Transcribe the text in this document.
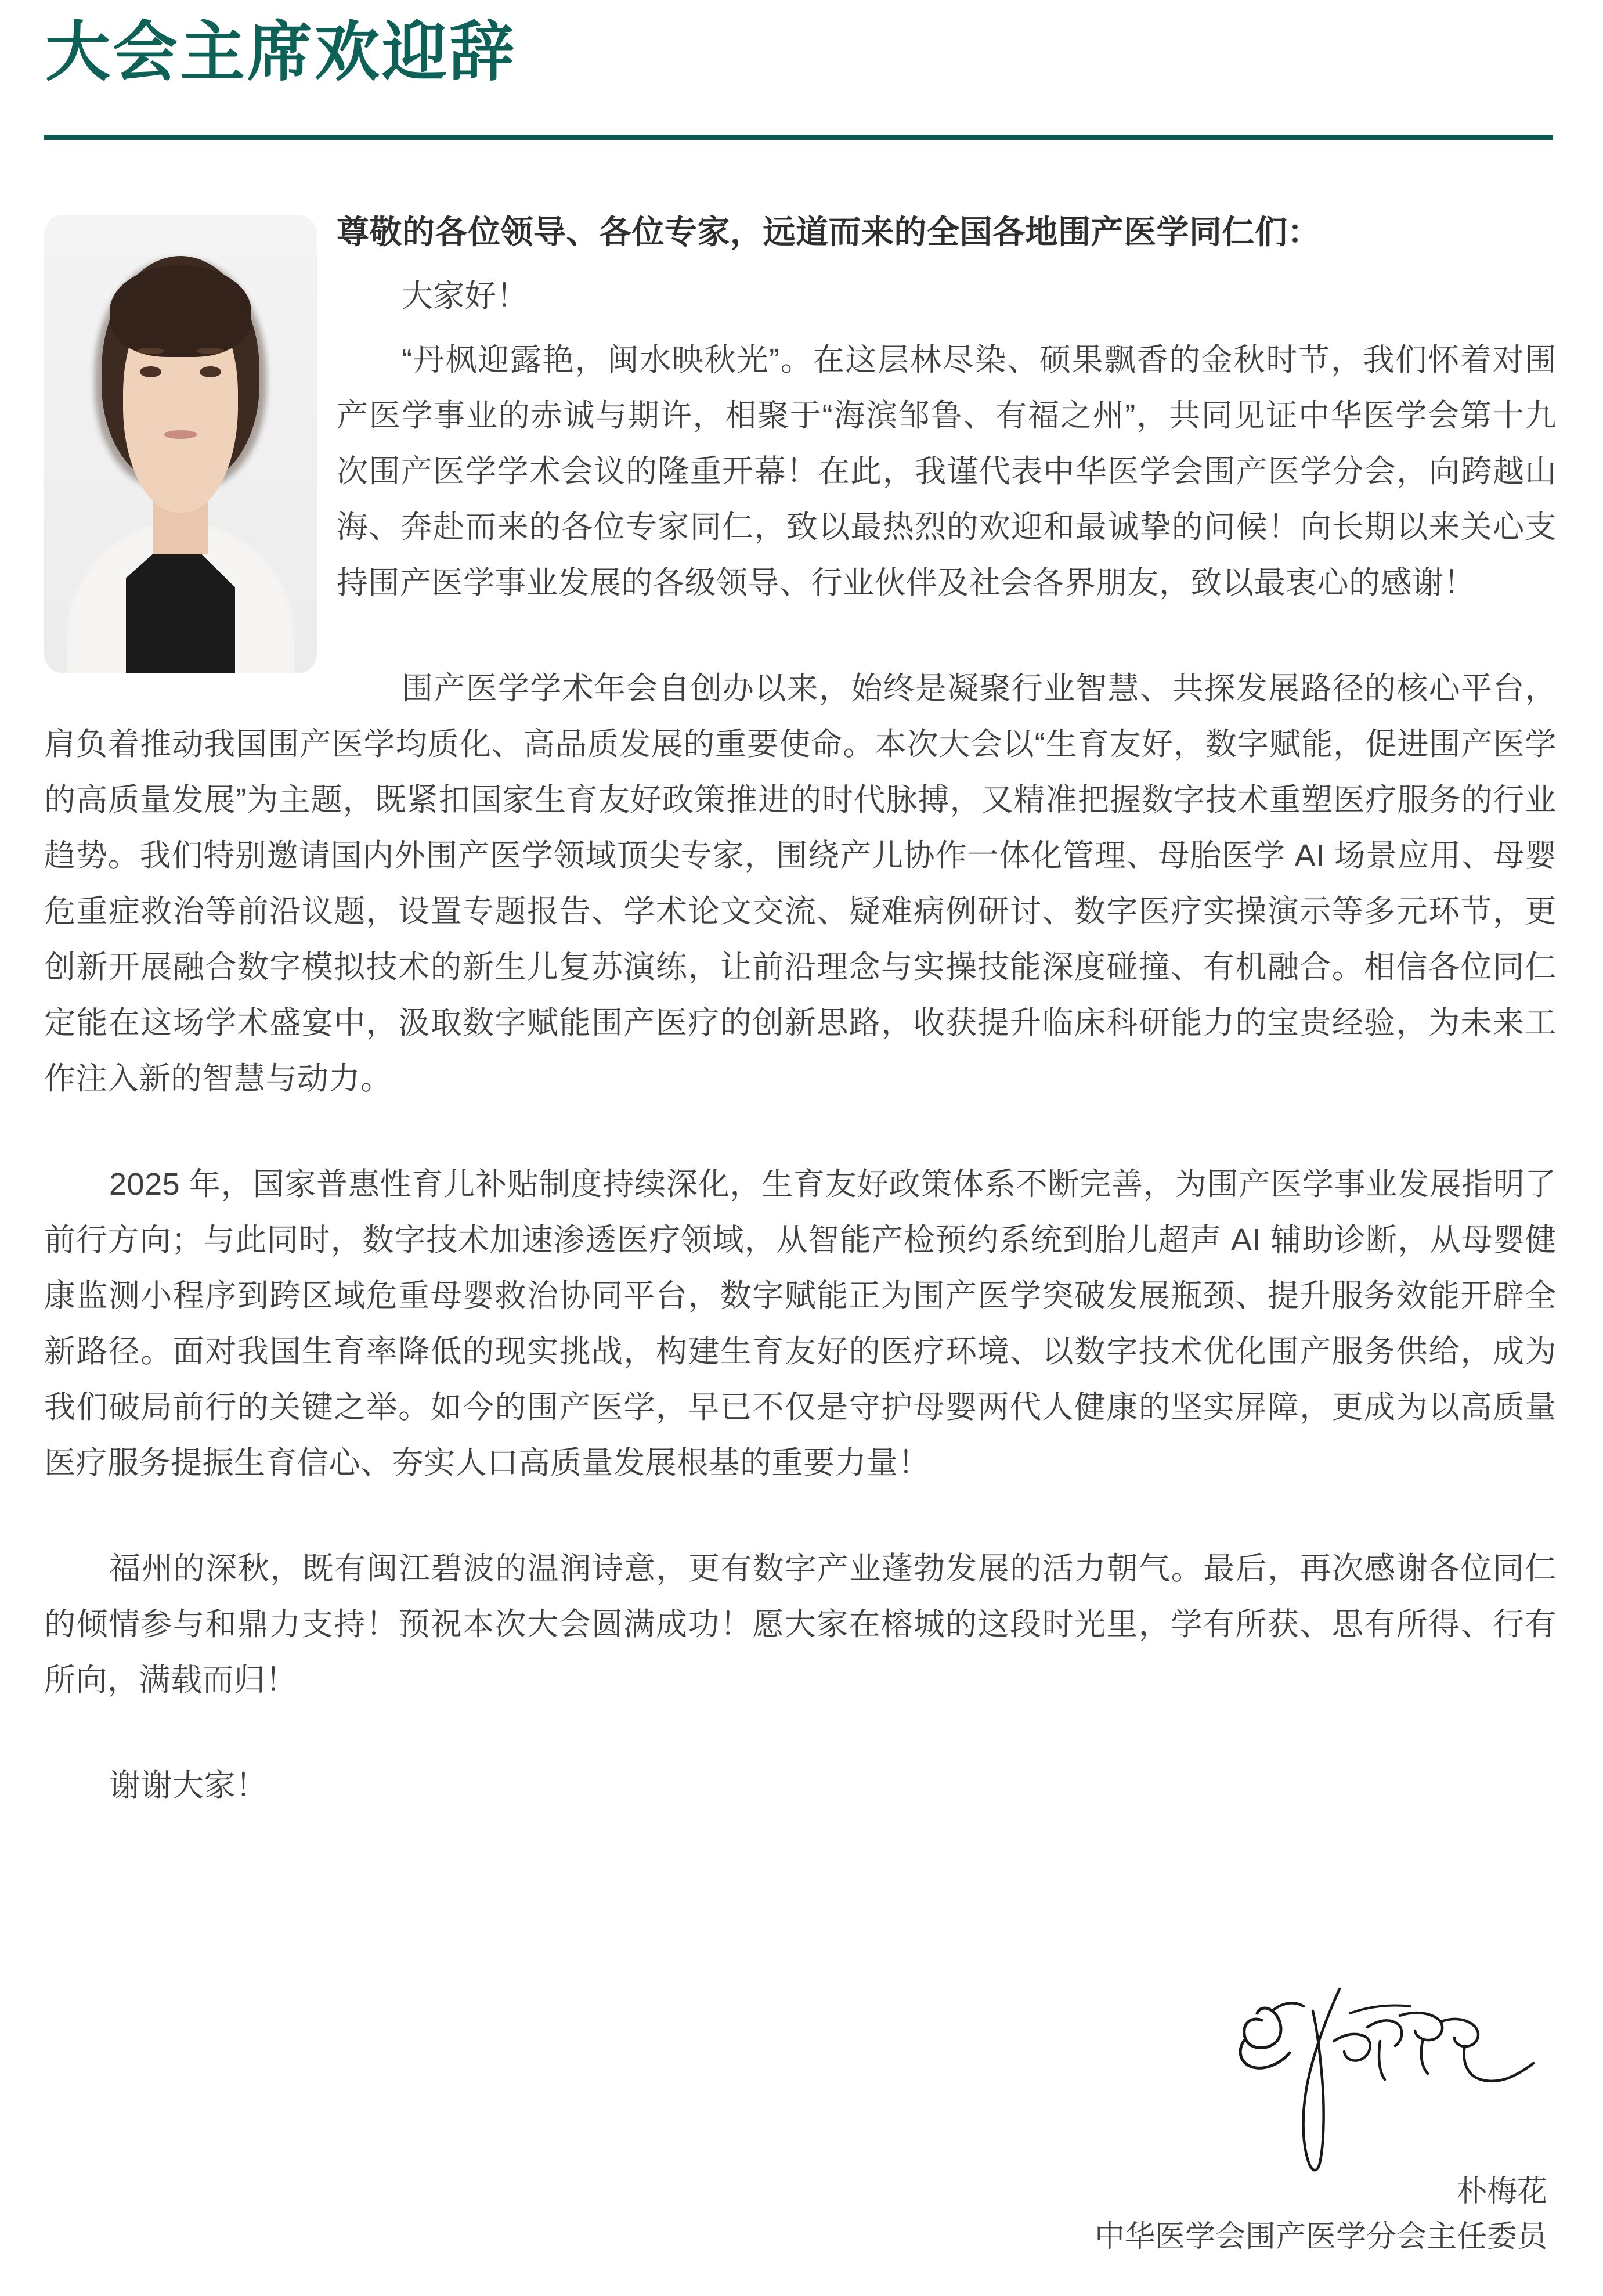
大会主席欢迎辞

尊敬的各位领导、各位专家，远道而来的全国各地围产医学同仁们：

大家好！

“丹枫迎露艳，闽水映秋光”。在这层林尽染、硕果飘香的金秋时节，我们怀着对围产医学事业的赤诚与期许，相聚于“海滨邹鲁、有福之州”，共同见证中华医学会第十九次围产医学学术会议的隆重开幕！在此，我谨代表中华医学会围产医学分会，向跨越山海、奔赴而来的各位专家同仁，致以最热烈的欢迎和最诚挚的问候！向长期以来关心支持围产医学事业发展的各级领导、行业伙伴及社会各界朋友，致以最衷心的感谢！

围产医学学术年会自创办以来，始终是凝聚行业智慧、共探发展路径的核心平台，肩负着推动我国围产医学均质化、高品质发展的重要使命。本次大会以“生育友好，数字赋能，促进围产医学的高质量发展”为主题，既紧扣国家生育友好政策推进的时代脉搏，又精准把握数字技术重塑医疗服务的行业趋势。我们特别邀请国内外围产医学领域顶尖专家，围绕产儿协作一体化管理、母胎医学 AI 场景应用、母婴危重症救治等前沿议题，设置专题报告、学术论文交流、疑难病例研讨、数字医疗实操演示等多元环节，更创新开展融合数字模拟技术的新生儿复苏演练，让前沿理念与实操技能深度碰撞、有机融合。相信各位同仁定能在这场学术盛宴中，汲取数字赋能围产医疗的创新思路，收获提升临床科研能力的宝贵经验，为未来工作注入新的智慧与动力。

2025 年，国家普惠性育儿补贴制度持续深化，生育友好政策体系不断完善，为围产医学事业发展指明了前行方向；与此同时，数字技术加速渗透医疗领域，从智能产检预约系统到胎儿超声 AI 辅助诊断，从母婴健康监测小程序到跨区域危重母婴救治协同平台，数字赋能正为围产医学突破发展瓶颈、提升服务效能开辟全新路径。面对我国生育率降低的现实挑战，构建生育友好的医疗环境、以数字技术优化围产服务供给，成为我们破局前行的关键之举。如今的围产医学，早已不仅是守护母婴两代人健康的坚实屏障，更成为以高质量医疗服务提振生育信心、夯实人口高质量发展根基的重要力量！

福州的深秋，既有闽江碧波的温润诗意，更有数字产业蓬勃发展的活力朝气。最后，再次感谢各位同仁的倾情参与和鼎力支持！预祝本次大会圆满成功！愿大家在榕城的这段时光里，学有所获、思有所得、行有所向，满载而归！

谢谢大家！

朴梅花
中华医学会围产医学分会主任委员
